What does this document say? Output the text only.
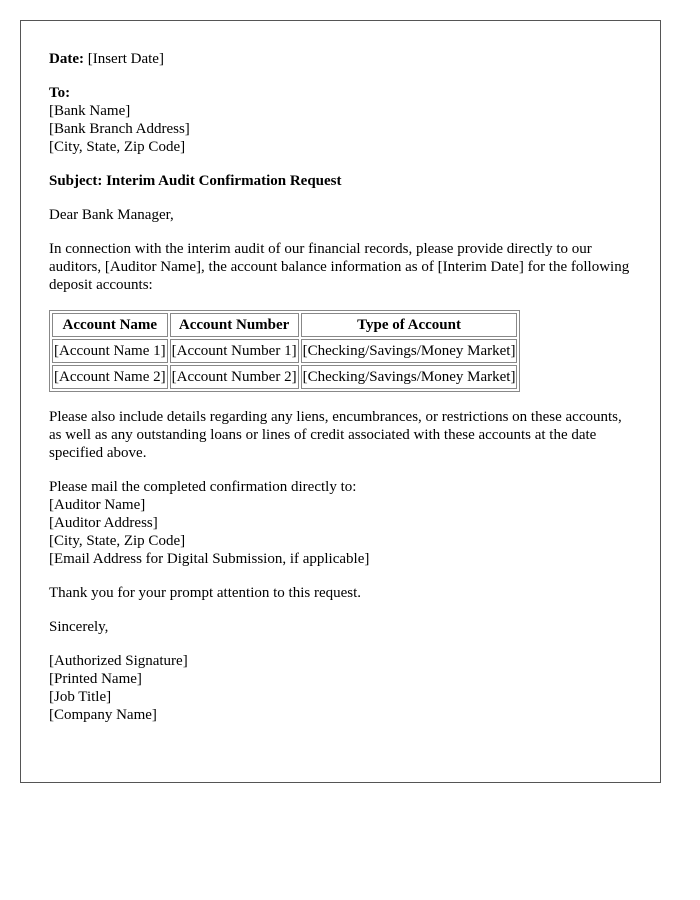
Date: [Insert Date]

To:
[Bank Name]
[Bank Branch Address]
[City, State, Zip Code]

Subject: Interim Audit Confirmation Request

Dear Bank Manager,

In connection with the interim audit of our financial records, please provide directly to our auditors, [Auditor Name], the account balance information as of [Interim Date] for the following deposit accounts:

Account Name	Account Number	Type of Account
[Account Name 1]	[Account Number 1]	[Checking/Savings/Money Market]
[Account Name 2]	[Account Number 2]	[Checking/Savings/Money Market]

Please also include details regarding any liens, encumbrances, or restrictions on these accounts, as well as any outstanding loans or lines of credit associated with these accounts at the date specified above.

Please mail the completed confirmation directly to:
[Auditor Name]
[Auditor Address]
[City, State, Zip Code]
[Email Address for Digital Submission, if applicable]

Thank you for your prompt attention to this request.

Sincerely,

[Authorized Signature]
[Printed Name]
[Job Title]
[Company Name]
